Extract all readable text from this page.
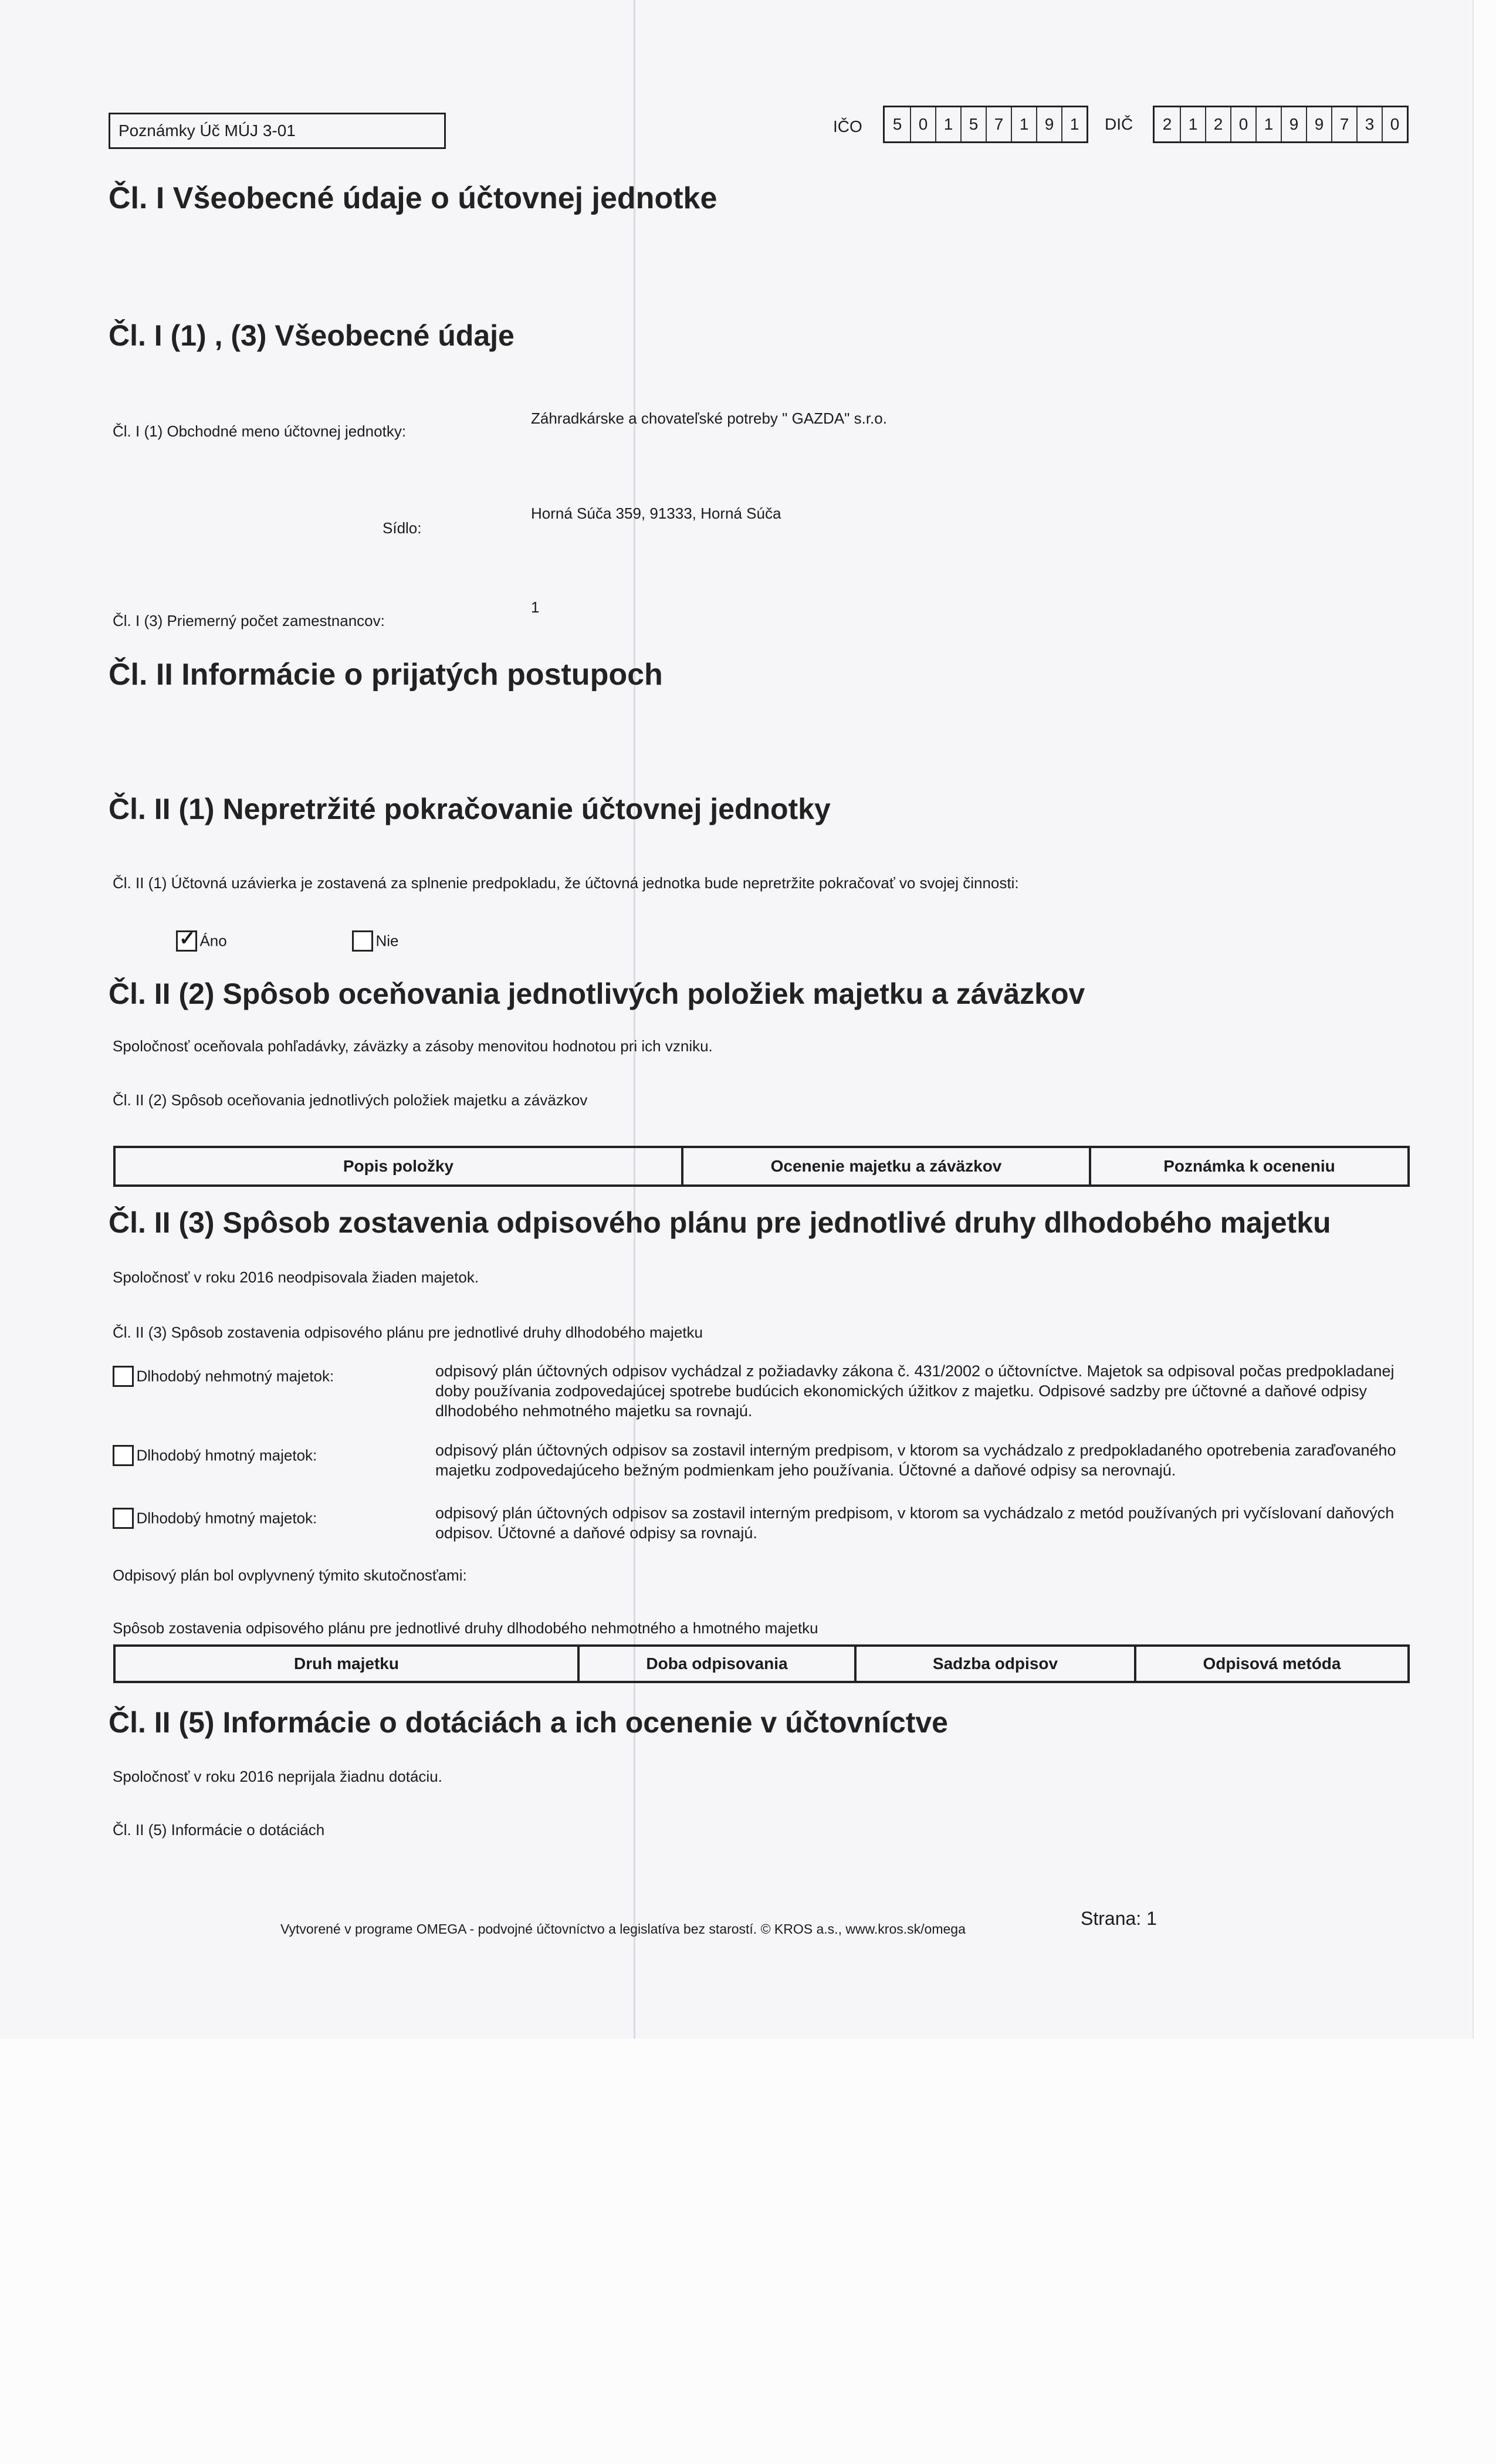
Poznámky Úč MÚJ 3-01	IČO	5	0 1 5 7 1 9 1	DIČ	2	1 2 0 1 9 9 7 3 0
Čl. I Všeobecné údaje o účtovnej jednotke
Čl. I (1) , (3) Všeobecné údaje
Čl. I (1) Obchodné meno účtovnej jednotky:
Záhradkárske a chovateľské potreby " GAZDA" s.r.o.
Sídlo:
Horná Súča 359, 91333, Horná Súča
Čl. I (3) Priemerný počet zamestnancov:
1
Čl. II Informácie o prijatých postupoch
Čl. II (1) Nepretržité pokračovanie účtovnej jednotky
Čl. II (1) Účtovná uzávierka je zostavená za splnenie predpokladu, že účtovná jednotka bude nepretržite pokračovať vo svojej činnosti:
✓ Áno	Nie
Čl. II (2) Spôsob oceňovania jednotlivých položiek majetku a záväzkov
Spoločnosť oceňovala pohľadávky, záväzky a zásoby menovitou hodnotou pri ich vzniku.
Čl. II (2) Spôsob oceňovania jednotlivých položiek majetku a záväzkov
Popis položky	Ocenenie majetku a záväzkov	Poznámka k oceneniu
Čl. II (3) Spôsob zostavenia odpisového plánu pre jednotlivé druhy dlhodobého majetku
Spoločnosť v roku 2016 neodpisovala žiaden majetok.
Čl. II (3) Spôsob zostavenia odpisového plánu pre jednotlivé druhy dlhodobého majetku
Dlhodobý nehmotný majetok:	odpisový plán účtovných odpisov vychádzal z požiadavky zákona č. 431/2002 o účtovníctve. Majetok sa odpisoval počas predpokladanej doby používania zodpovedajúcej spotrebe budúcich ekonomických úžitkov z majetku. Odpisové sadzby pre účtovné a daňové odpisy dlhodobého nehmotného majetku sa rovnajú.
Dlhodobý hmotný majetok:	odpisový plán účtovných odpisov sa zostavil interným predpisom, v ktorom sa vychádzalo z predpokladaného opotrebenia zaraďovaného majetku zodpovedajúceho bežným podmienkam jeho používania. Účtovné a daňové odpisy sa nerovnajú.
Dlhodobý hmotný majetok:	odpisový plán účtovných odpisov sa zostavil interným predpisom, v ktorom sa vychádzalo z metód používaných pri vyčíslovaní daňových odpisov. Účtovné a daňové odpisy sa rovnajú.
Odpisový plán bol ovplyvnený týmito skutočnosťami:
Spôsob zostavenia odpisového plánu pre jednotlivé druhy dlhodobého nehmotného a hmotného majetku
Druh majetku	Doba odpisovania	Sadzba odpisov	Odpisová metóda
Čl. II (5) Informácie o dotáciách a ich ocenenie v účtovníctve
Spoločnosť v roku 2016 neprijala žiadnu dotáciu.
Čl. II (5) Informácie o dotáciách
Vytvorené v programe OMEGA - podvojné účtovníctvo a legislatíva bez starostí. © KROS a.s., www.kros.sk/omega	Strana: 1
